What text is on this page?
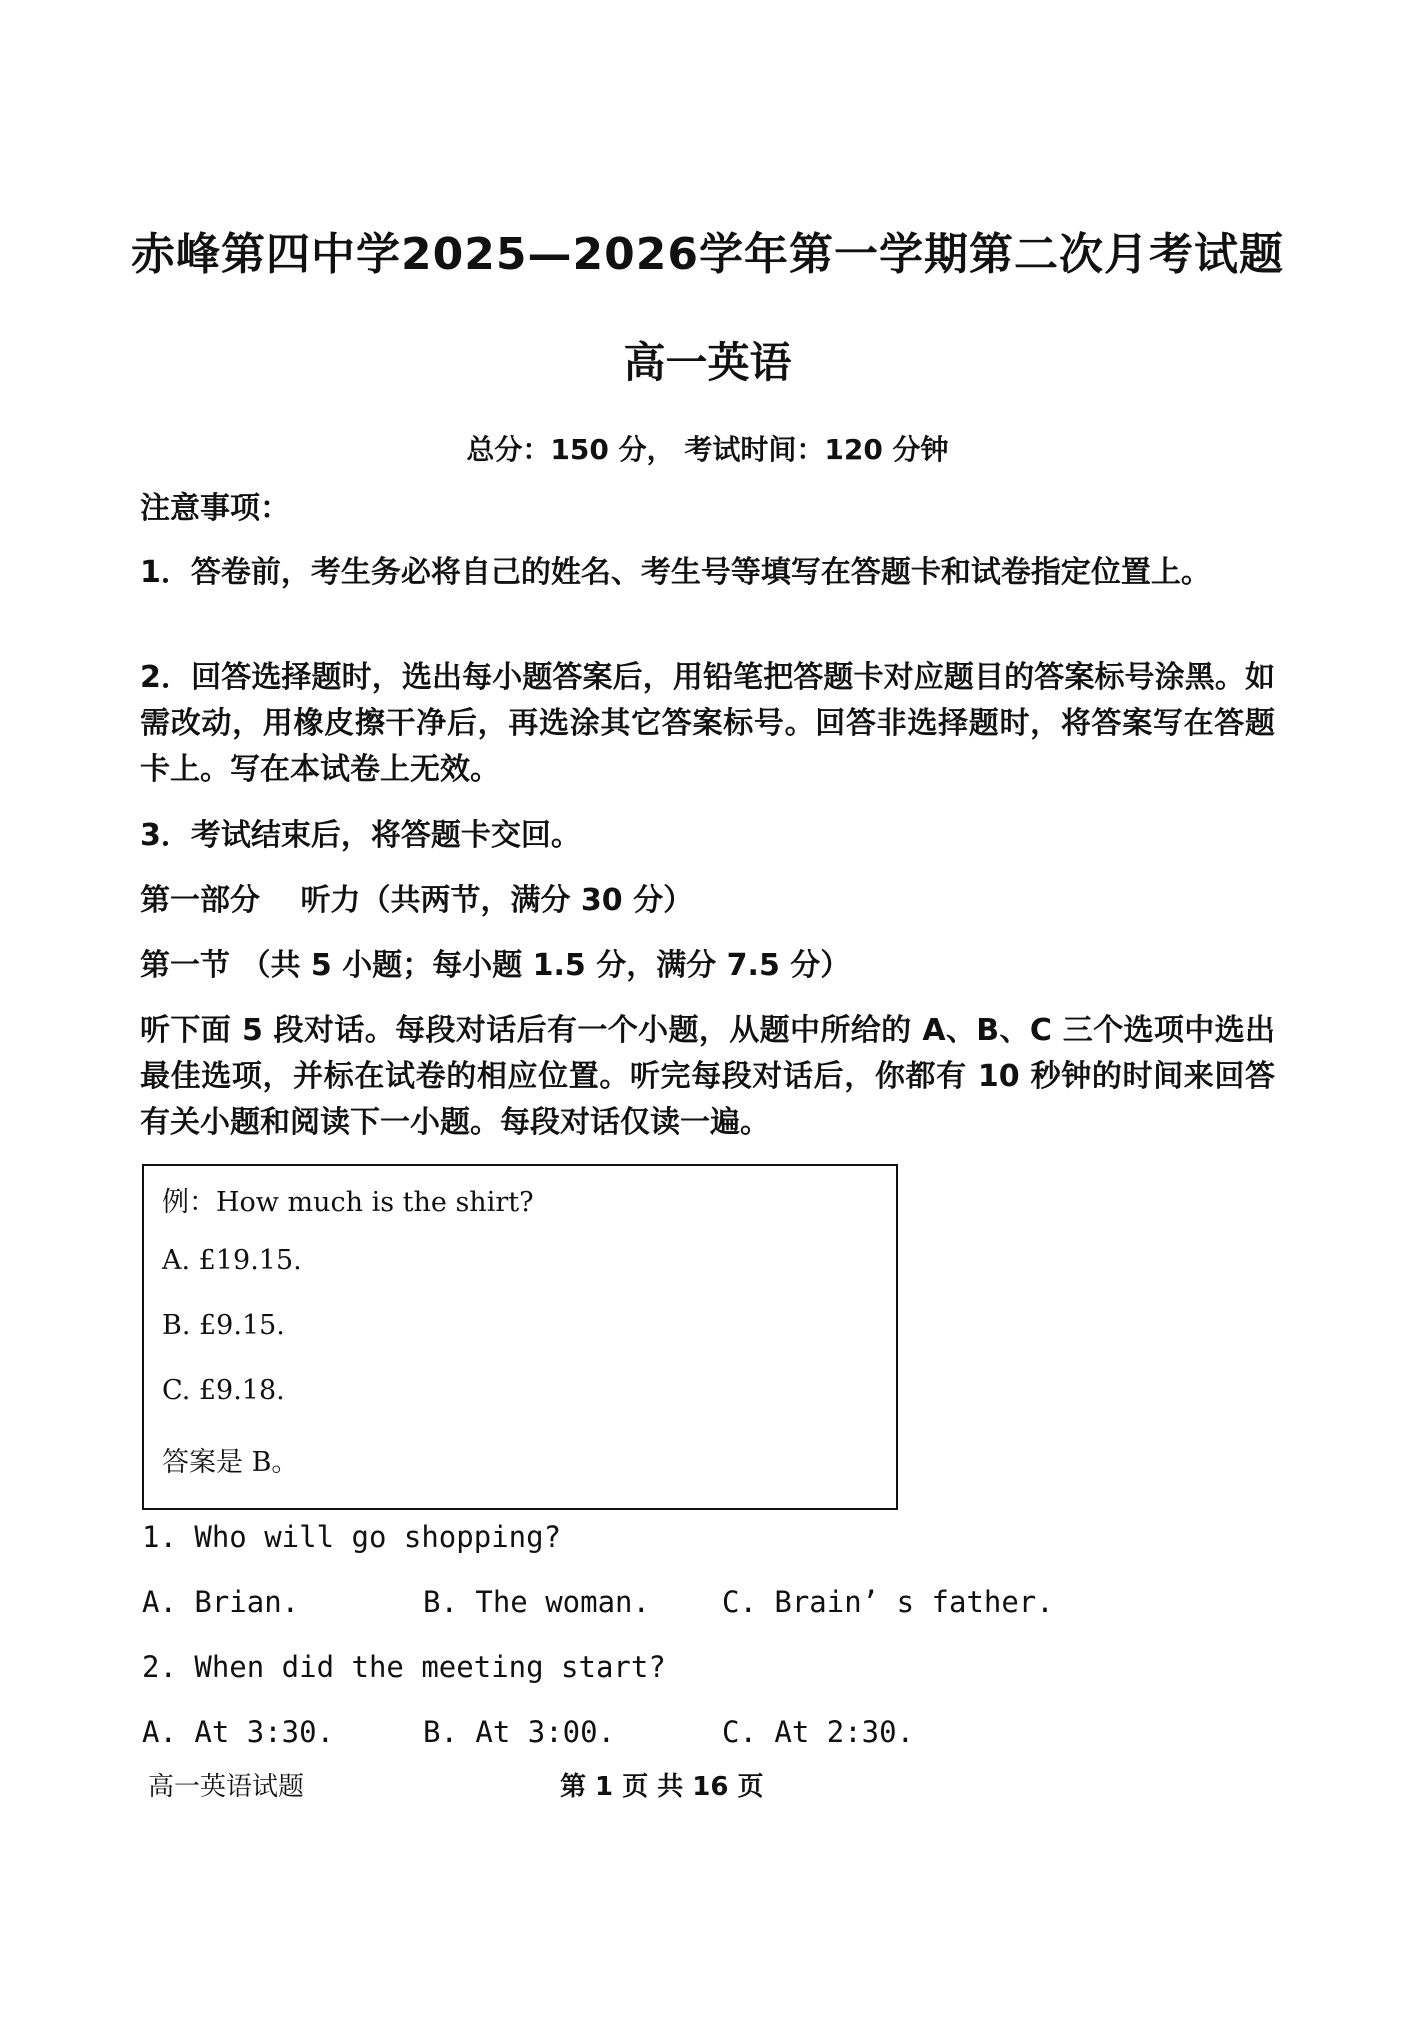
赤峰第四中学2025—2026学年第一学期第二次月考试题
高一英语
总分：150 分， 考试时间：120 分钟
注意事项：
1．答卷前，考生务必将自己的姓名、考生号等填写在答题卡和试卷指定位置上。
2．回答选择题时，选出每小题答案后，用铅笔把答题卡对应题目的答案标号涂黑。如需改动，用橡皮擦干净后，再选涂其它答案标号。回答非选择题时，将答案写在答题卡上。写在本试卷上无效。
3．考试结束后，将答题卡交回。
第一部分　 听力（共两节，满分 30 分）
第一节 （共 5 小题；每小题 1.5 分，满分 7.5 分）
听下面 5 段对话。每段对话后有一个小题，从题中所给的 A、B、C 三个选项中选出最佳选项，并标在试卷的相应位置。听完每段对话后，你都有 10 秒钟的时间来回答有关小题和阅读下一小题。每段对话仅读一遍。
例：How much is the shirt?
A. £19.15.
B. £9.15.
C. £9.18.
答案是 B。
1. Who will go shopping?
A. Brian.	B. The woman. C. Brain’ s father.
2. When did the meeting start?
A. At 3:30.	B. At 3:00.	C. At 2:30.
高一英语试题	第 1 页 共 16 页
